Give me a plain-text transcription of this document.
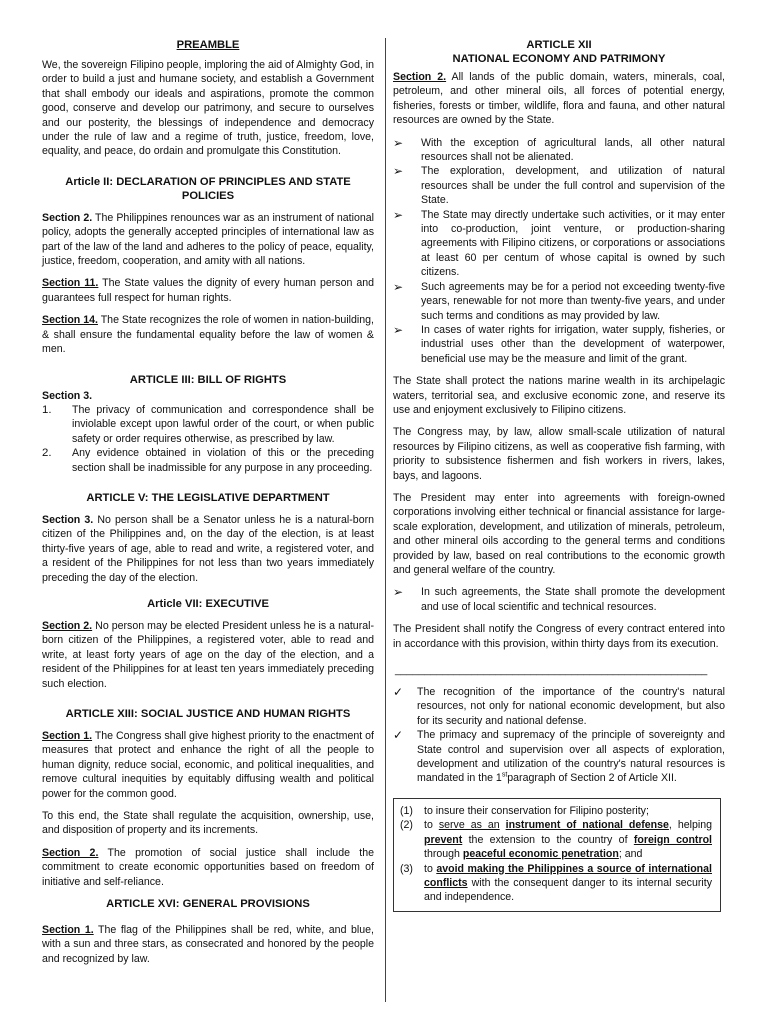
PREAMBLE

We, the sovereign Filipino people, imploring the aid of Almighty God, in order to build a just and humane society, and establish a Government that shall embody our ideals and aspirations, promote the common good, conserve and develop our patrimony, and secure to ourselves and our posterity, the blessings of independence and democracy under the rule of law and a regime of truth, justice, freedom, love, equality, and peace, do ordain and promulgate this Constitution.

Article II: DECLARATION OF PRINCIPLES AND STATE POLICIES

Section 2. The Philippines renounces war as an instrument of national policy, adopts the generally accepted principles of international law as part of the law of the land and adheres to the policy of peace, equality, justice, freedom, cooperation, and amity with all nations.

Section 11. The State values the dignity of every human person and guarantees full respect for human rights.

Section 14. The State recognizes the role of women in nation-building, & shall ensure the fundamental equality before the law of women & men.

ARTICLE III: BILL OF RIGHTS

Section 3.

1.	The privacy of communication and correspondence shall be inviolable except upon lawful order of the court, or when public safety or order requires otherwise, as prescribed by law.
2.	Any evidence obtained in violation of this or the preceding section shall be inadmissible for any purpose in any proceeding.
ARTICLE V: THE LEGISLATIVE DEPARTMENT

Section 3. No person shall be a Senator unless he is a natural-born citizen of the Philippines and, on the day of the election, is at least thirty-five years of age, able to read and write, a registered voter, and a resident of the Philippines for not less than two years immediately preceding the day of the election.

Article VII: EXECUTIVE

Section 2. No person may be elected President unless he is a natural-born citizen of the Philippines, a registered voter, able to read and write, at least forty years of age on the day of the election, and a resident of the Philippines for at least ten years immediately preceding such election.

ARTICLE XIII: SOCIAL JUSTICE AND HUMAN RIGHTS

Section 1. The Congress shall give highest priority to the enactment of measures that protect and enhance the right of all the people to human dignity, reduce social, economic, and political inequalities, and remove cultural inequities by equitably diffusing wealth and political power for the common good.

To this end, the State shall regulate the acquisition, ownership, use, and disposition of property and its increments.

Section 2. The promotion of social justice shall include the commitment to create economic opportunities based on freedom of initiative and self-reliance.

ARTICLE XVI: GENERAL PROVISIONS

Section 1. The flag of the Philippines shall be red, white, and blue, with a sun and three stars, as consecrated and honored by the people and recognized by law.

ARTICLE XII
NATIONAL ECONOMY AND PATRIMONY

Section 2. All lands of the public domain, waters, minerals, coal, petroleum, and other mineral oils, all forces of potential energy, fisheries, forests or timber, wildlife, flora and fauna, and other natural resources are owned by the State.

➢	With the exception of agricultural lands, all other natural resources shall not be alienated.
➢	The exploration, development, and utilization of natural resources shall be under the full control and supervision of the State.
➢	The State may directly undertake such activities, or it may enter into co-production, joint venture, or production-sharing agreements with Filipino citizens, or corporations or associations at least 60 per centum of whose capital is owned by such citizens.
➢	Such agreements may be for a period not exceeding twenty-five years, renewable for not more than twenty-five years, and under such terms and conditions as may provided by law.
➢	In cases of water rights for irrigation, water supply, fisheries, or industrial uses other than the development of waterpower, beneficial use may be the measure and limit of the grant.

The State shall protect the nations marine wealth in its archipelagic waters, territorial sea, and exclusive economic zone, and reserve its use and enjoyment exclusively to Filipino citizens.

The Congress may, by law, allow small-scale utilization of natural resources by Filipino citizens, as well as cooperative fish farming, with priority to subsistence fishermen and fish workers in rivers, lakes, bays, and lagoons.

The President may enter into agreements with foreign-owned corporations involving either technical or financial assistance for large-scale exploration, development, and utilization of minerals, petroleum, and other mineral oils according to the general terms and conditions provided by law, based on real contributions to the economic growth and general welfare of the country.

➢	In such agreements, the State shall promote the development and use of local scientific and technical resources.

The President shall notify the Congress of every contract entered into in accordance with this provision, within thirty days from its execution.

_____________________________________________________
✓	The recognition of the importance of the country's natural resources, not only for national economic development, but also for its security and national defense.
✓	The primacy and supremacy of the principle of sovereignty and State control and supervision over all aspects of exploration, development and utilization of the country's natural resources is mandated in the 1stparagraph of Section 2 of Article XII.
(1)	to insure their conservation for Filipino posterity;
(2)	to serve as an instrument of national defense, helping prevent the extension to the country of foreign control through peaceful economic penetration; and
(3)	to avoid making the Philippines a source of international conflicts with the consequent danger to its internal security and independence.
